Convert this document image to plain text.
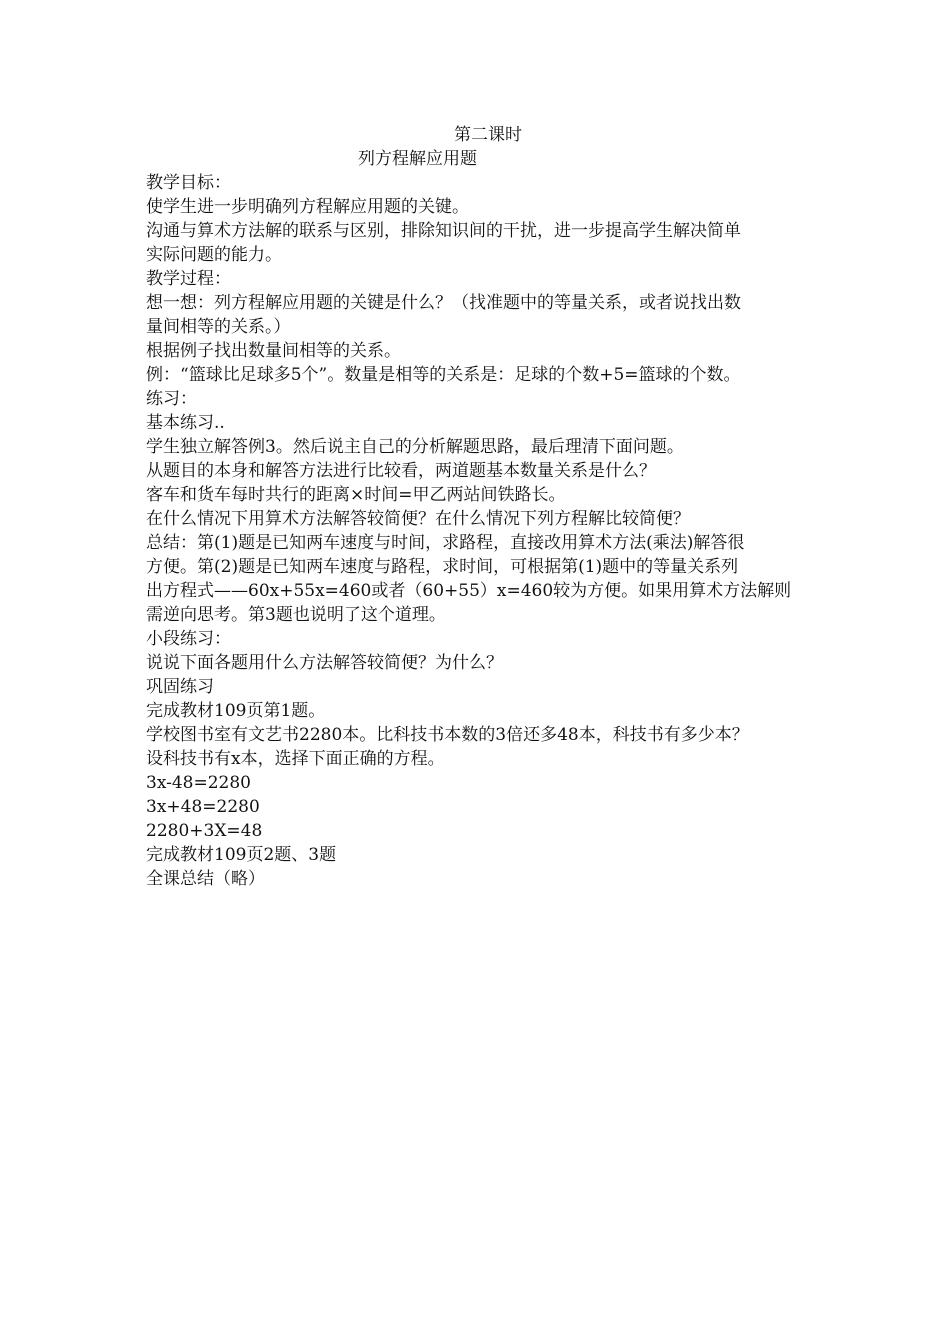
第二课时
列方程解应用题

教学目标：

使学生进一步明确列方程解应用题的关键。

沟通与算术方法解的联系与区别，排除知识间的干扰，进一步提高学生解决简单

实际问题的能力。

教学过程：

想一想：列方程解应用题的关键是什么？（找准题中的等量关系，或者说找出数

量间相等的关系。）

根据例子找出数量间相等的关系。

例：“篮球比足球多5个”。数量是相等的关系是：足球的个数+5=篮球的个数。

练习：

基本练习..

学生独立解答例3。然后说主自己的分析解题思路，最后理清下面问题。

从题目的本身和解答方法进行比较看，两道题基本数量关系是什么？

客车和货车每时共行的距离×时间=甲乙两站间铁路长。

在什么情况下用算术方法解答较简便？在什么情况下列方程解比较简便？

总结：第(1)题是已知两车速度与时间，求路程，直接改用算术方法(乘法)解答很

方便。第(2)题是已知两车速度与路程，求时间，可根据第(1)题中的等量关系列

出方程式——60x+55x=460或者（60+55）x=460较为方便。如果用算术方法解则

需逆向思考。第3题也说明了这个道理。

小段练习：

说说下面各题用什么方法解答较简便？为什么？

巩固练习

完成教材109页第1题。

学校图书室有文艺书2280本。比科技书本数的3倍还多48本，科技书有多少本？

设科技书有x本，选择下面正确的方程。

3x-48=2280

3x+48=2280

2280+3X=48

完成教材109页2题、3题

全课总结（略）
